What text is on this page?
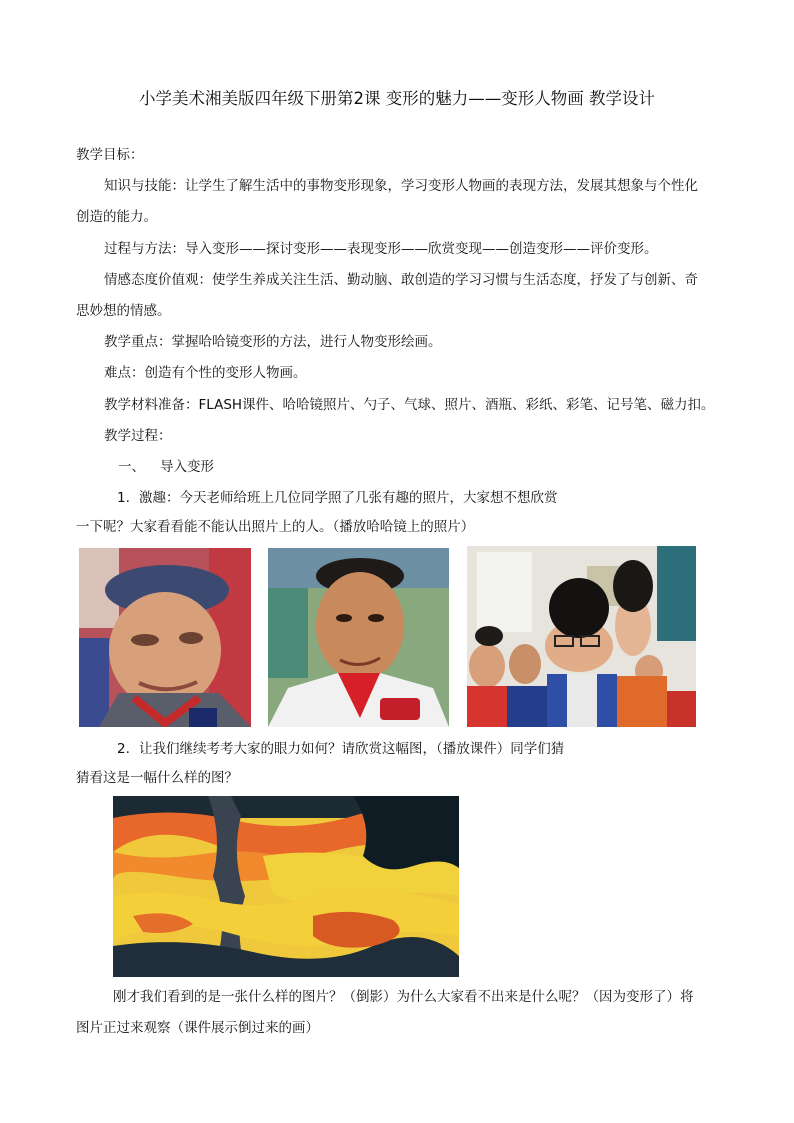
小学美术湘美版四年级下册第2课 变形的魅力——变形人物画 教学设计
教学目标：
知识与技能：让学生了解生活中的事物变形现象，学习变形人物画的表现方法，发展其想象与个性化
创造的能力。
过程与方法：导入变形——探讨变形——表现变形——欣赏变现——创造变形——评价变形。
情感态度价值观：使学生养成关注生活、勤动脑、敢创造的学习习惯与生活态度，抒发了与创新、奇
思妙想的情感。
教学重点：掌握哈哈镜变形的方法，进行人物变形绘画。
难点：创造有个性的变形人物画。
教学材料准备：FLASH课件、哈哈镜照片、勺子、气球、照片、酒瓶、彩纸、彩笔、记号笔、磁力扣。
教学过程：
一、 导入变形
1. 激趣：今天老师给班上几位同学照了几张有趣的照片，大家想不想欣赏
一下呢？大家看看能不能认出照片上的人。（播放哈哈镜上的照片）
2. 让我们继续考考大家的眼力如何？请欣赏这幅图，（播放课件）同学们猜
猜看这是一幅什么样的图？
刚才我们看到的是一张什么样的图片？（倒影）为什么大家看不出来是什么呢？（因为变形了）将
图片正过来观察（课件展示倒过来的画）
